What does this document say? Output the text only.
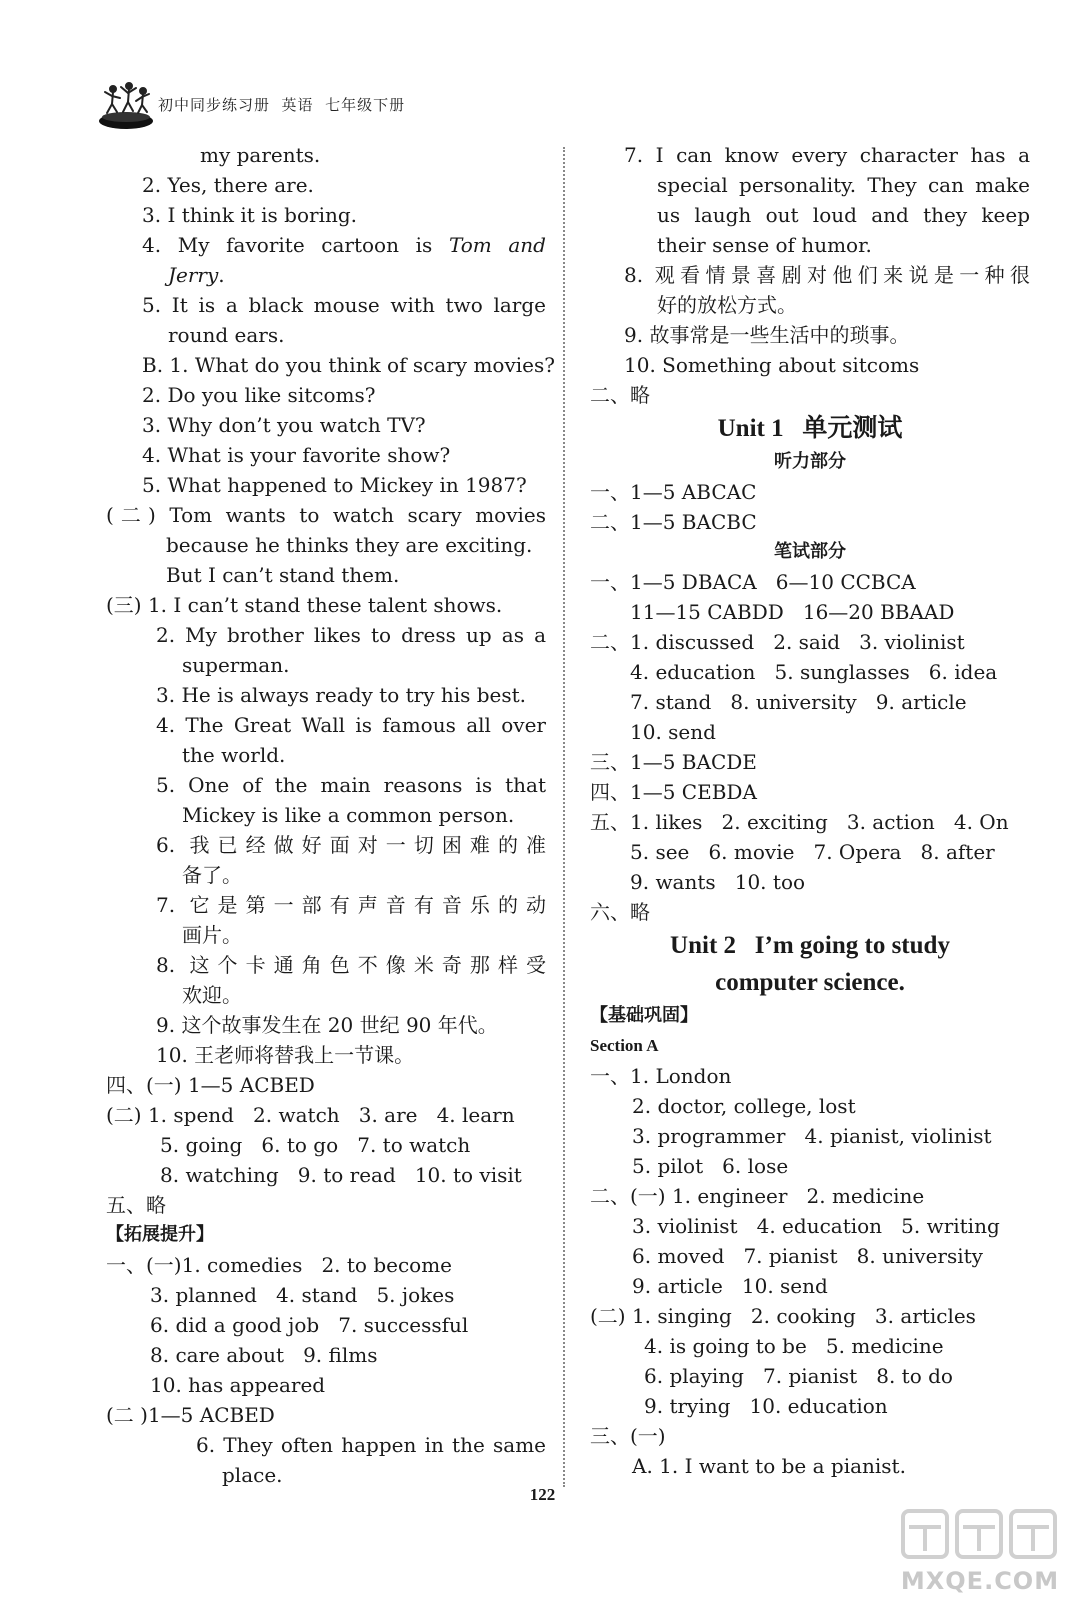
初中同步练习册  英语  七年级下册
my parents.
2. Yes, there are.
3. I think it is boring.
4. My favorite cartoon is Tom and
Jerry.
5. It is a black mouse with two large
round ears.
B. 1. What do you think of scary movies?
2. Do you like sitcoms?
3. Why don’t you watch TV?
4. What is your favorite show?
5. What happened to Mickey in 1987?
(二) Tom wants to watch scary movies
because he thinks they are exciting.
But I can’t stand them.
(三) 1. I can’t stand these talent shows.
2. My brother likes to dress up as a
superman.
3. He is always ready to try his best.
4. The Great Wall is famous all over
the world.
5. One of the main reasons is that
Mickey is like a common person.
6. 我已经做好面对一切困难的准
备了。
7. 它是第一部有声音有音乐的动
画片。
8. 这个卡通角色不像米奇那样受
欢迎。
9. 这个故事发生在 20 世纪 90 年代。
10. 王老师将替我上一节课。
四、(一) 1—5 ACBED
(二) 1. spend   2. watch   3. are   4. learn
5. going   6. to go   7. to watch
8. watching   9. to read   10. to visit
五、略
【拓展提升】
一、(一)1. comedies   2. to become
3. planned   4. stand   5. jokes
6. did a good job   7. successful
8. care about   9. films
10. has appeared
(二 )1—5 ACBED
6. They often happen in the same
place.
7. I can know every character has a
special personality. They can make
us laugh out loud and they keep
their sense of humor.
8. 观看情景喜剧对他们来说是一种很
好的放松方式。
9. 故事常是一些生活中的琐事。
10. Something about sitcoms
二、略
Unit 1   单元测试
听力部分
一、1—5 ABCAC
二、1—5 BACBC
笔试部分
一、1—5 DBACA   6—10 CCBCA
11—15 CABDD   16—20 BBAAD
二、1. discussed   2. said   3. violinist
4. education   5. sunglasses   6. idea
7. stand   8. university   9. article
10. send
三、1—5 BACDE
四、1—5 CEBDA
五、1. likes   2. exciting   3. action   4. On
5. see   6. movie   7. Opera   8. after
9. wants   10. too
六、略
Unit 2   I’m going to study
computer science.
【基础巩固】
Section A
一、1. London
2. doctor, college, lost
3. programmer   4. pianist, violinist
5. pilot   6. lose
二、(一) 1. engineer   2. medicine
3. violinist   4. education   5. writing
6. moved   7. pianist   8. university
9. article   10. send
(二) 1. singing   2. cooking   3. articles
4. is going to be   5. medicine
6. playing   7. pianist   8. to do
9. trying   10. education
三、(一)
A. 1. I want to be a pianist.
122
MXQE.COM
